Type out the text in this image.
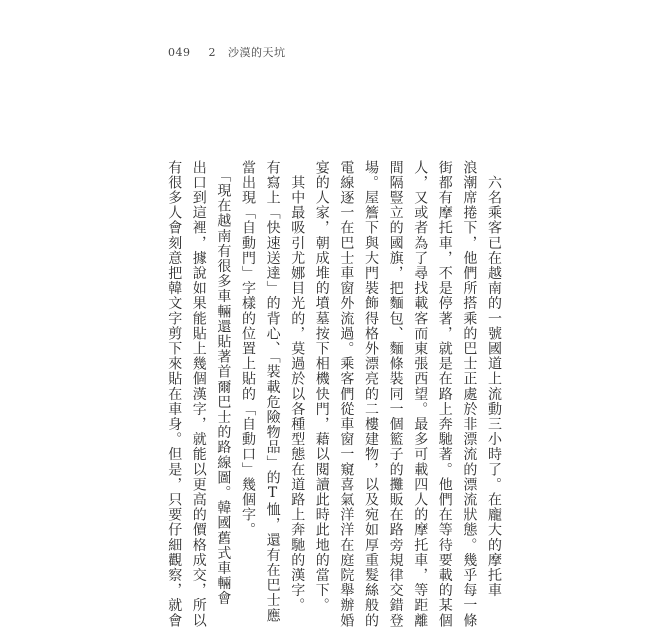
049 2 沙漠的天坑
　六名乘客已在越南的一號國道上流動三小時了。在龐大的摩托車
浪潮席捲下，他們所搭乘的巴士正處於非漂流的漂流狀態。幾乎每一條
街都有摩托車，不是停著，就是在路上奔馳著。他們在等待要載的某個
人，又或者為了尋找載客而東張西望。最多可載四人的摩托車，等距離
間隔豎立的國旗，把麵包、麵條裝同一個籃子的攤販在路旁規律交錯登
場。屋簷下與大門裝飾得格外漂亮的二樓建物，以及宛如厚重髮絲般的
電線逐一在巴士車窗外流過。乘客們從車窗一窺喜氣洋洋在庭院舉辦婚
宴的人家，朝成堆的墳墓按下相機快門，藉以閱讀此時此地的當下。
　其中最吸引尤娜目光的，莫過於以各種型態在道路上奔馳的漢字。
有寫上「快速送達」的背心、「裝載危險物品」的T恤，還有在巴士應
當出現「自動門」字樣的位置上貼的「自動口」幾個字。
　「現在越南有很多車輛還貼著首爾巴士的路線圖。韓國舊式車輛會
出口到這裡，據說如果能貼上幾個漢字，就能以更高的價格成交，所以
有很多人會刻意把韓文字剪下來貼在車身。但是，只要仔細觀察，就會
